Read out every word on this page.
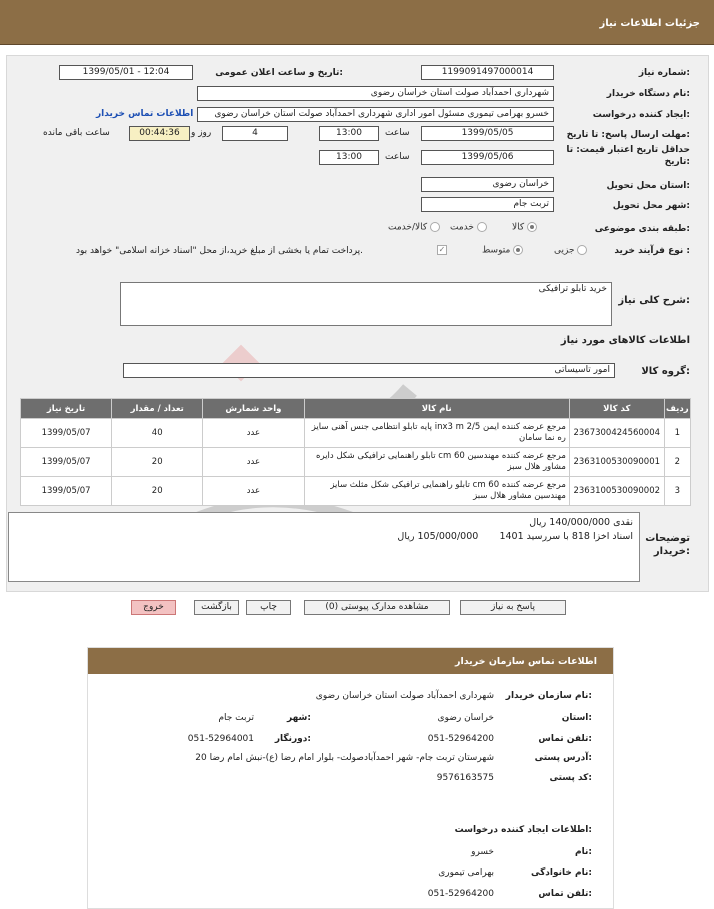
جزئیات اطلاعات نیاز
شماره نیاز:
1199091497000014
تاریخ و ساعت اعلان عمومی:
1399/05/01 - 12:04
نام دستگاه خریدار:
شهرداری احمدآباد صولت استان خراسان رضوی
ایجاد کننده درخواست:
خسرو بهرامی تیموری مسئول امور اداری شهرداری احمدآباد صولت استان خراسان رضوی
اطلاعات تماس خریدار
مهلت ارسال پاسخ: تا تاریخ:
1399/05/05
ساعت
13:00
4
روز و
00:44:36
ساعت باقی مانده
حداقل تاریخ اعتبار قیمت: تا تاریخ:
1399/05/06
ساعت
13:00
استان محل تحویل:
خراسان رضوی
شهر محل تحویل:
تربت جام
طبقه بندی موضوعی:
کالا
خدمت
کالا/خدمت
نوع فرآیند خرید :
جزیی
متوسط
پرداخت تمام یا بخشی از مبلغ خرید،از محل "اسناد خزانه اسلامی" خواهد بود.	✓
شرح کلی نیاز:
خرید تابلو ترافیکی
اطلاعات کالاهای مورد نیاز
گروه کالا:
امور تاسیساتی
تاریخ نیاز	تعداد / مقدار	واحد شمارش	نام کالا	کد کالا	ردیف
1399/05/07	40	عدد	پایه تابلو انتظامی جنس آهنی سایز inx3 m 2/5 مرجع عرضه کننده ایمن ره نما سامان	2367300424560004	1
1399/05/07	20	عدد	تابلو راهنمایی ترافیکی شکل دایره cm 60 مرجع عرضه کننده مهندسین مشاور هلال سبز	2363100530090001	2
1399/05/07	20	عدد	تابلو راهنمایی ترافیکی شکل مثلث سایز cm 60 مرجع عرضه کننده مهندسین مشاور هلال سبز	2363100530090002	3
توضیحات خریدار:
نقدی 140/000/000 ریال
اسناد اخزا 818 با سررسید 1401       105/000/000 ریال
پاسخ به نیاز
مشاهده مدارک پیوستی (0)
چاپ
بازگشت
خروج
اطلاعات تماس سازمان خریدار
نام سازمان خریدار:
شهرداری احمدآباد صولت استان خراسان رضوی
استان:
خراسان رضوی
شهر:
تربت جام
تلفن تماس:
051-52964200
دورنگار:
051-52964001
آدرس پستی:
شهرستان تربت جام- شهر احمدآبادصولت- بلوار امام رضا (ع)-نبش امام رضا 20
کد پستی:
9576163575
اطلاعات ایجاد کننده درخواست:
نام:
خسرو
نام خانوادگی:
بهرامی تیموری
تلفن تماس:
051-52964200
